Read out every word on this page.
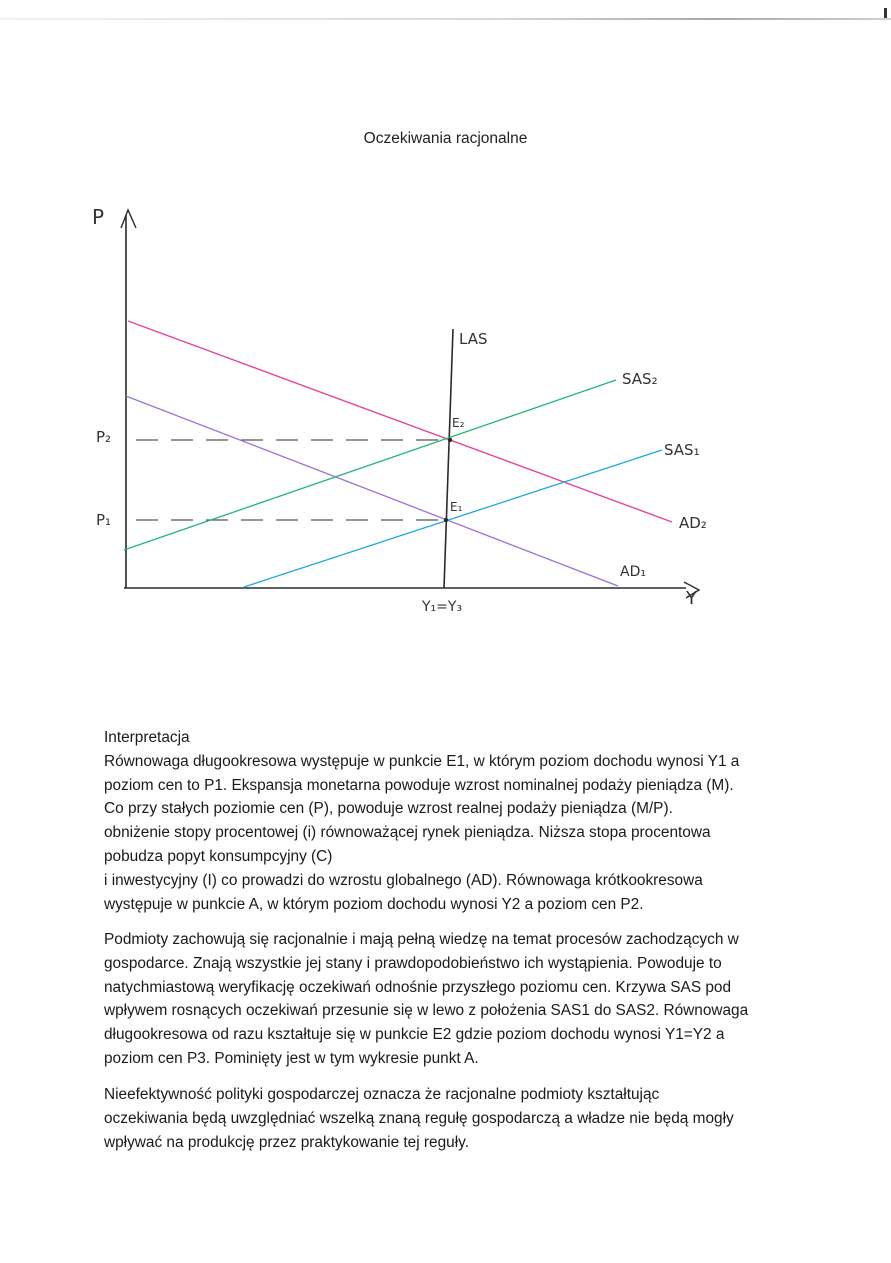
Oczekiwania racjonalne
P
Y
LAS
SAS₂
SAS₁
AD₂
AD₁
E₂
E₁
P₂
P₁
Y₁=Y₃

Interpretacja

Równowaga długookresowa występuje w punkcie E1, w którym poziom dochodu wynosi Y1 a

poziom cen to P1. Ekspansja monetarna powoduje wzrost nominalnej podaży pieniądza (M).

Co przy stałych poziomie cen (P), powoduje wzrost realnej podaży pieniądza (M/P).

obniżenie stopy procentowej (i) równoważącej rynek pieniądza. Niższa stopa procentowa

pobudza popyt konsumpcyjny (C)

i inwestycyjny (I) co prowadzi do wzrostu globalnego (AD). Równowaga krótkookresowa

występuje w punkcie A, w którym poziom dochodu wynosi Y2 a poziom cen P2.

Podmioty zachowują się racjonalnie i mają pełną wiedzę na temat procesów zachodzących w

gospodarce. Znają wszystkie jej stany i prawdopodobieństwo ich wystąpienia. Powoduje to

natychmiastową weryfikację oczekiwań odnośnie przyszłego poziomu cen. Krzywa SAS pod

wpływem rosnących oczekiwań przesunie się w lewo z położenia SAS1 do SAS2. Równowaga

długookresowa od razu kształtuje się w punkcie E2 gdzie poziom dochodu wynosi Y1=Y2 a

poziom cen P3. Pominięty jest w tym wykresie punkt A.

Nieefektywność polityki gospodarczej oznacza że racjonalne podmioty kształtując

oczekiwania będą uwzględniać wszelką znaną regułę gospodarczą a władze nie będą mogły

wpływać na produkcję przez praktykowanie tej reguły.
